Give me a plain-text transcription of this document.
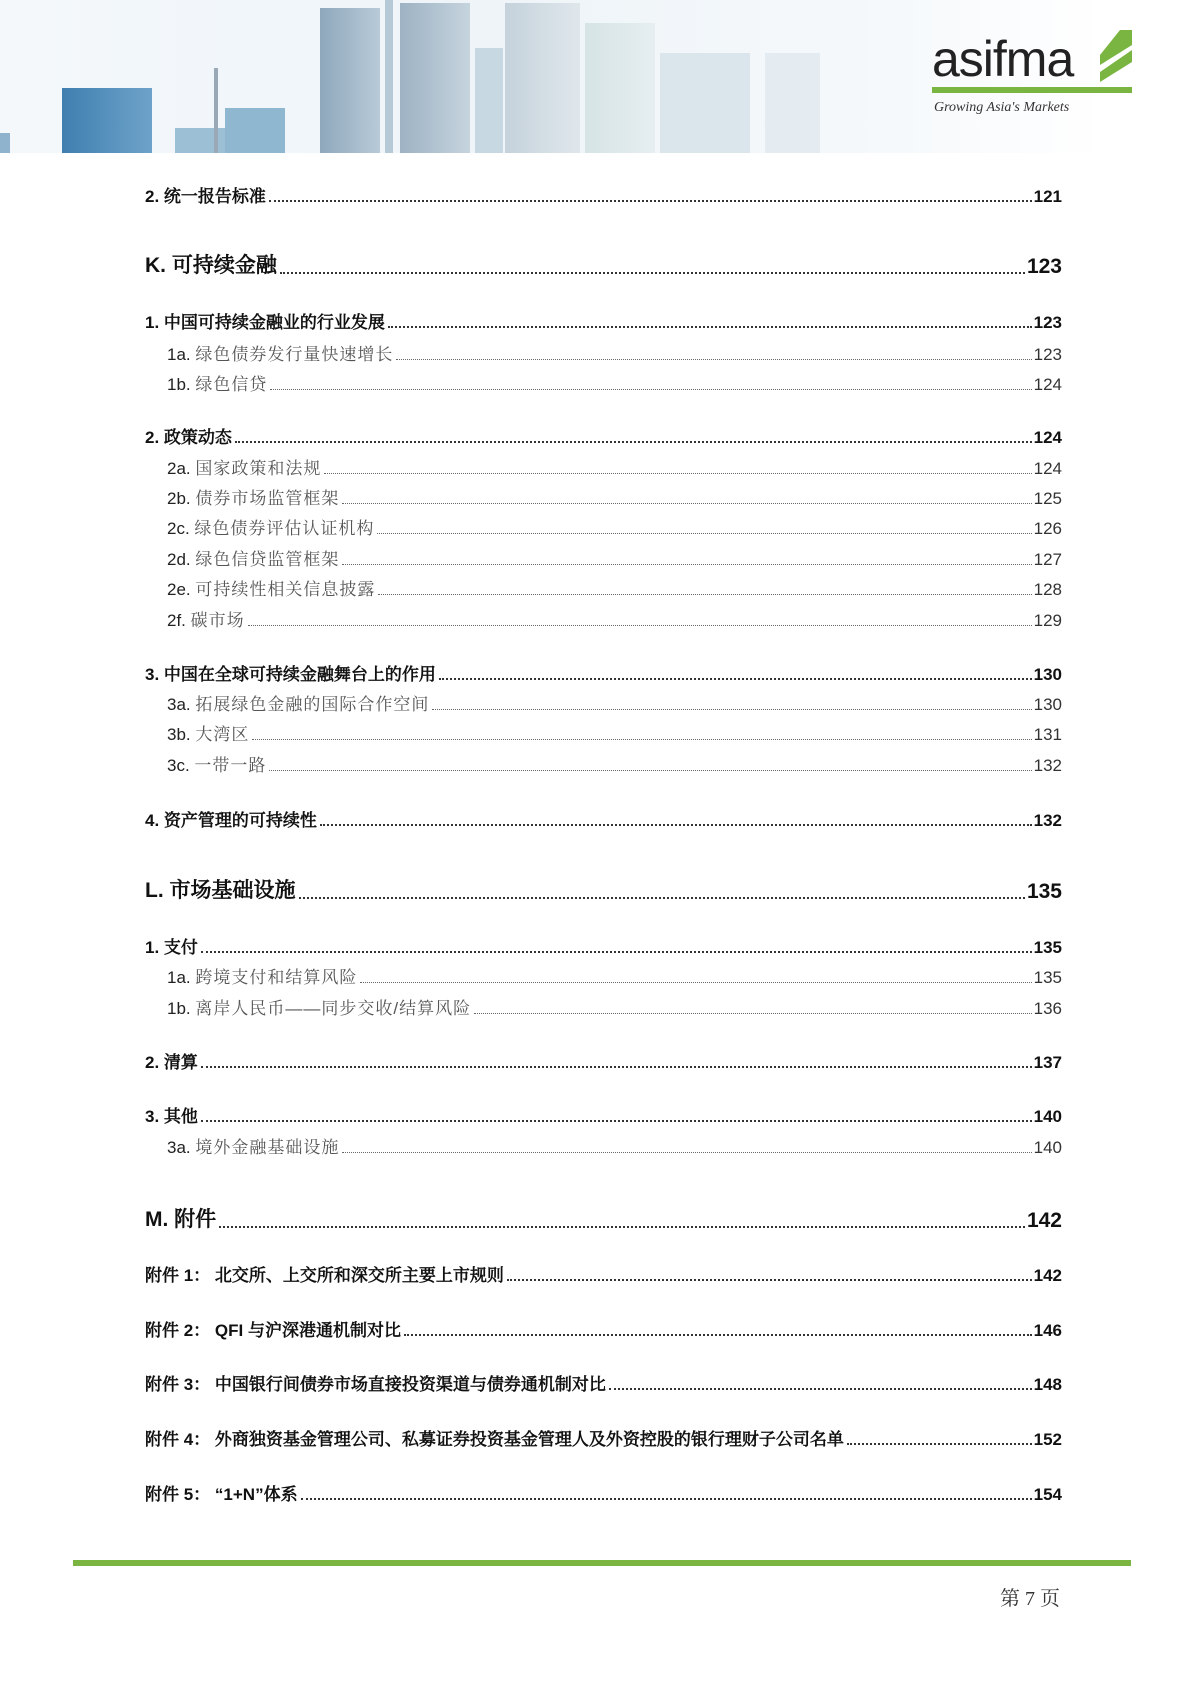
asifma
Growing Asia's Markets
2. 统一报告标准	121
K. 可持续金融	123
1. 中国可持续金融业的行业发展	123
1a. 绿色债券发行量快速增长	123
1b. 绿色信贷	124
2. 政策动态	124
2a. 国家政策和法规	124
2b. 债券市场监管框架	125
2c. 绿色债券评估认证机构	126
2d. 绿色信贷监管框架	127
2e. 可持续性相关信息披露	128
2f. 碳市场	129
3. 中国在全球可持续金融舞台上的作用	130
3a. 拓展绿色金融的国际合作空间	130
3b. 大湾区	131
3c. 一带一路	132
4. 资产管理的可持续性	132
L. 市场基础设施	135
1. 支付	135
1a. 跨境支付和结算风险	135
1b. 离岸人民币——同步交收/结算风险	136
2. 清算	137
3. 其他	140
3a. 境外金融基础设施	140
M. 附件	142
附件 1： 北交所、上交所和深交所主要上市规则	142
附件 2： QFI 与沪深港通机制对比	146
附件 3： 中国银行间债券市场直接投资渠道与债券通机制对比	148
附件 4： 外商独资基金管理公司、私募证券投资基金管理人及外资控股的银行理财子公司名单	152
附件 5： “1+N”体系	154
第 7 页
